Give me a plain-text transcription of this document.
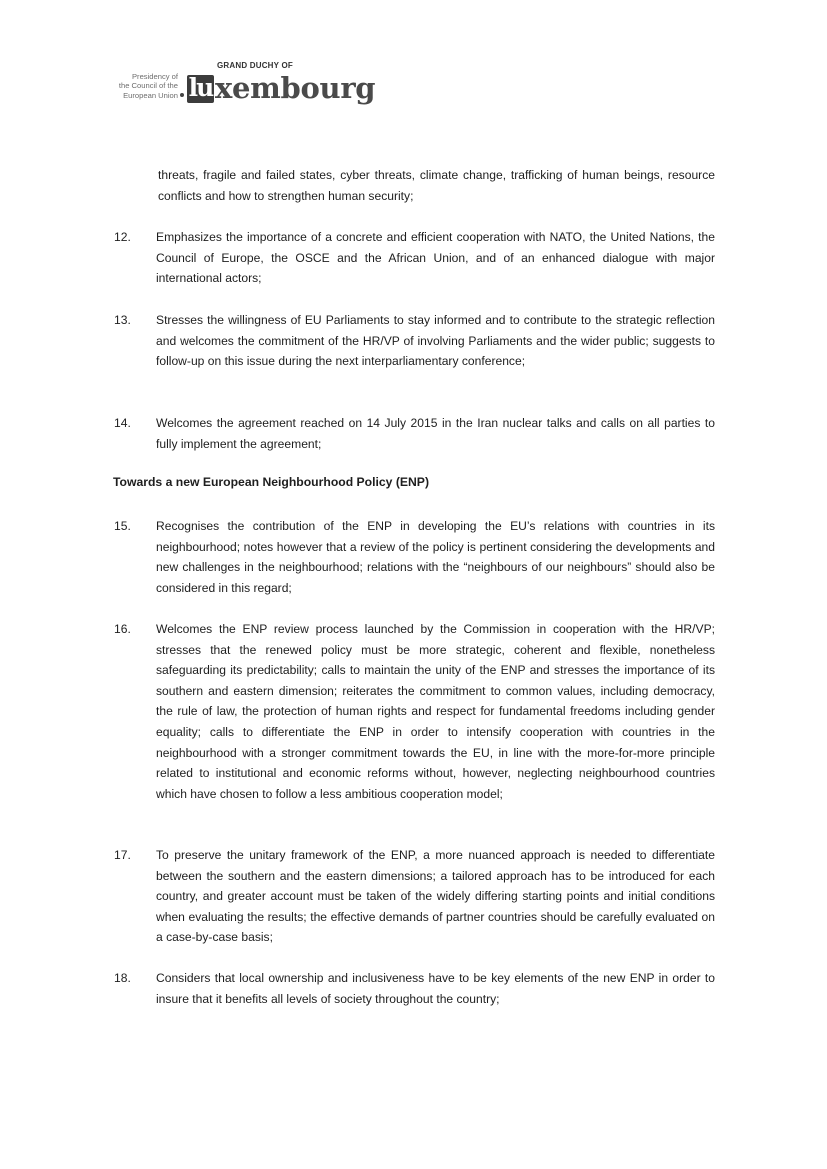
Presidency of
the Council of the
European Union
GRAND DUCHY OF
lu xembourg
threats, fragile and failed states, cyber threats, climate change, trafficking of human beings, resource conflicts and how to strengthen human security;
12.	Emphasizes the importance of a concrete and efficient cooperation with NATO, the United Nations, the Council of Europe, the OSCE and the African Union, and of an enhanced dialogue with major international actors;
13.	Stresses the willingness of EU Parliaments to stay informed and to contribute to the strategic reflection and welcomes the commitment of the HR/VP of involving Parliaments and the wider public; suggests to follow-up on this issue during the next interparliamentary conference;
14.	Welcomes the agreement reached on 14 July 2015 in the Iran nuclear talks and calls on all parties to fully implement the agreement;
Towards a new European Neighbourhood Policy (ENP)
15.	Recognises the contribution of the ENP in developing the EU’s relations with countries in its neighbourhood; notes however that a review of the policy is pertinent considering the developments and new challenges in the neighbourhood; relations with the “neighbours of our neighbours” should also be considered in this regard;
16.	Welcomes the ENP review process launched by the Commission in cooperation with the HR/VP; stresses that the renewed policy must be more strategic, coherent and flexible, nonetheless safeguarding its predictability; calls to maintain the unity of the ENP and stresses the importance of its southern and eastern dimension; reiterates the commitment to common values, including democracy, the rule of law, the protection of human rights and respect for fundamental freedoms including gender equality; calls to differentiate the ENP in order to intensify cooperation with countries in the neighbourhood with a stronger commitment towards the EU, in line with the more-for-more principle related to institutional and economic reforms without, however, neglecting neighbourhood countries which have chosen to follow a less ambitious cooperation model;
17.	To preserve the unitary framework of the ENP, a more nuanced approach is needed to differentiate between the southern and the eastern dimensions; a tailored approach has to be introduced for each country, and greater account must be taken of the widely differing starting points and initial conditions when evaluating the results; the effective demands of partner countries should be carefully evaluated on a case-by-case basis;
18.	Considers that local ownership and inclusiveness have to be key elements of the new ENP in order to insure that it benefits all levels of society throughout the country;
